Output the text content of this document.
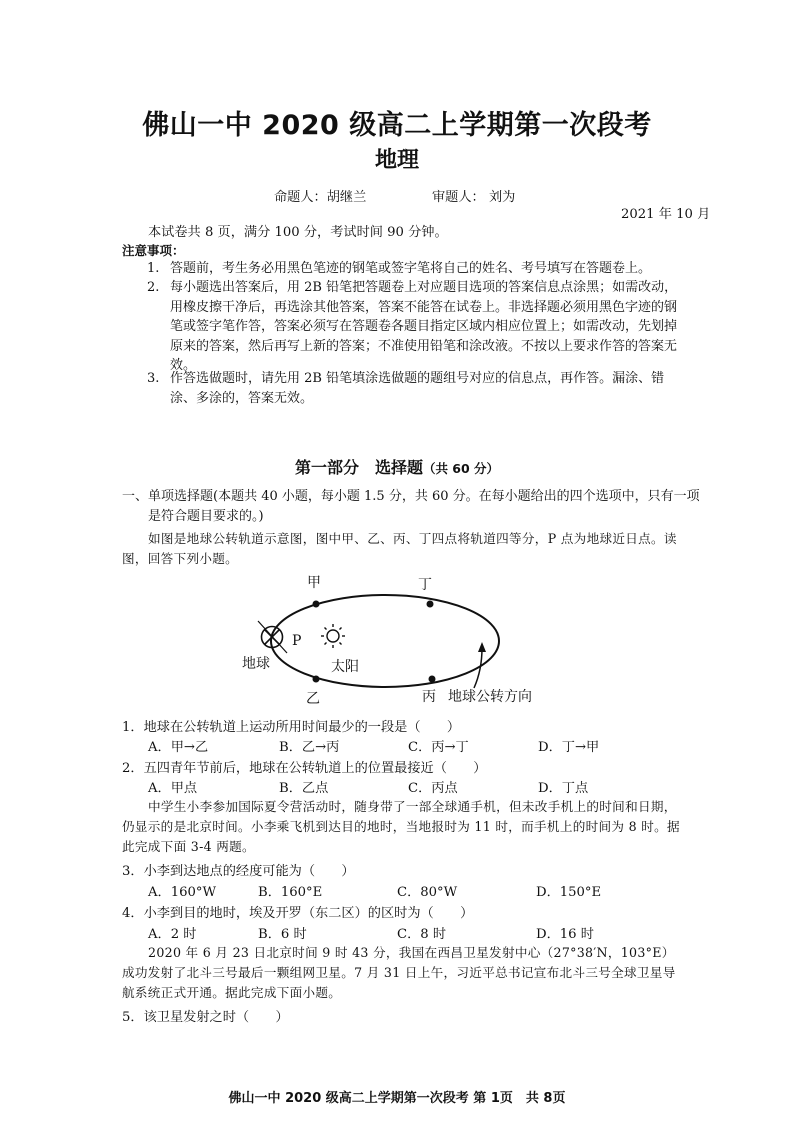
佛山一中 2020 级高二上学期第一次段考
地理
命题人：胡继兰	审题人： 刘为
2021 年 10 月
本试卷共 8 页，满分 100 分，考试时间 90 分钟。
注意事项：
1. 答题前，考生务必用黑色笔迹的钢笔或签字笔将自己的姓名、考号填写在答题卷上。
2. 每小题选出答案后，用 2B 铅笔把答题卷上对应题目选项的答案信息点涂黑；如需改动，用橡皮擦干净后，再选涂其他答案，答案不能答在试卷上。非选择题必须用黑色字迹的钢笔或签字笔作答，答案必须写在答题卷各题目指定区域内相应位置上；如需改动，先划掉原来的答案，然后再写上新的答案；不准使用铅笔和涂改液。不按以上要求作答的答案无效。
3. 作答选做题时，请先用 2B 铅笔填涂选做题的题组号对应的信息点，再作答。漏涂、错涂、多涂的，答案无效。
第一部分　选择题（共 60 分）
一、单项选择题(本题共 40 小题，每小题 1.5 分，共 60 分。在每小题给出的四个选项中，只有一项是符合题目要求的。)
如图是地球公转轨道示意图，图中甲、乙、丙、丁四点将轨道四等分，P 点为地球近日点。读图，回答下列小题。
甲	丁
P
地球	太阳
乙	丙 地球公转方向
1．地球在公转轨道上运动所用时间最少的一段是（　　）
A．甲→乙	B．乙→丙	C．丙→丁	D．丁→甲
2．五四青年节前后，地球在公转轨道上的位置最接近（　　）
A．甲点	B．乙点	C．丙点	D．丁点
中学生小李参加国际夏令营活动时，随身带了一部全球通手机，但未改手机上的时间和日期，仍显示的是北京时间。小李乘飞机到达目的地时，当地报时为 11 时，而手机上的时间为 8 时。据此完成下面 3-4 两题。
3．小李到达地点的经度可能为（　　）
A．160°W	B．160°E	C．80°W	D．150°E
4．小李到目的地时，埃及开罗（东二区）的区时为（　　）
A．2 时	B．6 时	C．8 时	D．16 时
2020 年 6 月 23 日北京时间 9 时 43 分，我国在西昌卫星发射中心（27°38′N，103°E）成功发射了北斗三号最后一颗组网卫星。7 月 31 日上午，习近平总书记宣布北斗三号全球卫星导航系统正式开通。据此完成下面小题。
5．该卫星发射之时（　　）
佛山一中 2020 级高二上学期第一次段考 第 1页　共 8页
